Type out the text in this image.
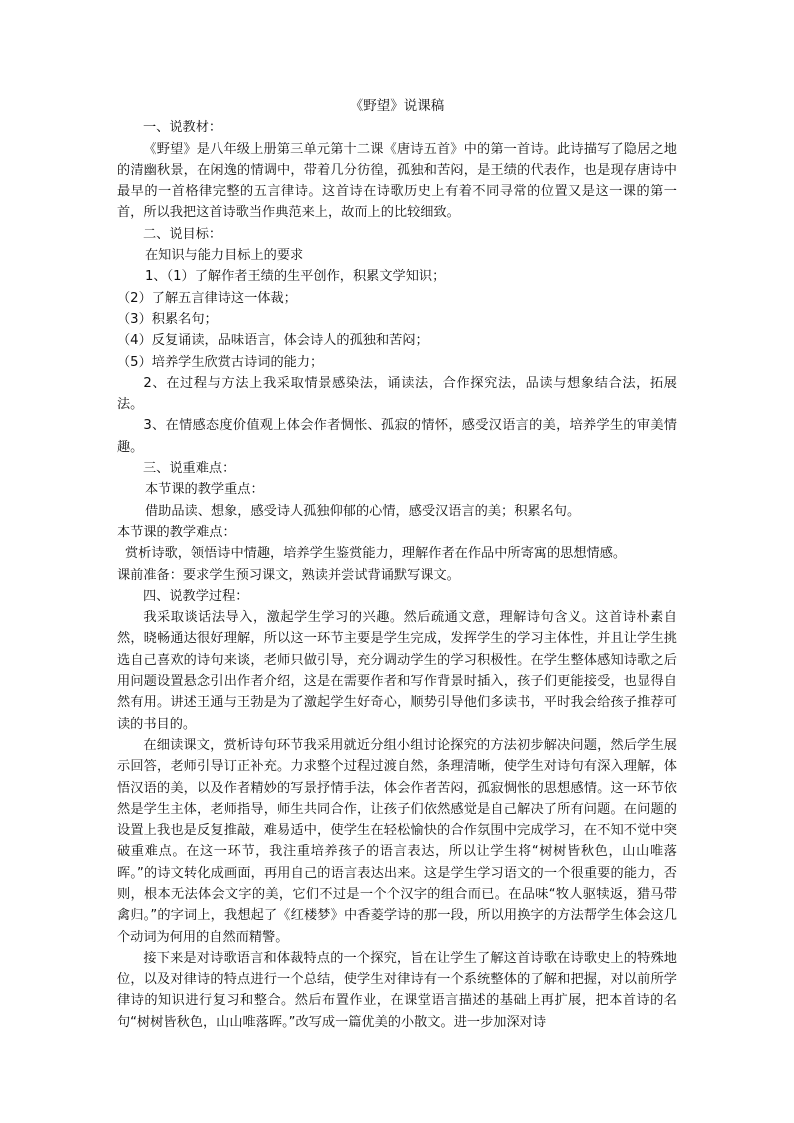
《野望》说课稿

一、说教材：

《野望》是八年级上册第三单元第十二课《唐诗五首》中的第一首诗。此诗描写了隐居之地的清幽秋景，在闲逸的情调中，带着几分彷徨，孤独和苦闷，是王绩的代表作，也是现存唐诗中最早的一首格律完整的五言律诗。这首诗在诗歌历史上有着不同寻常的位置又是这一课的第一首，所以我把这首诗歌当作典范来上，故而上的比较细致。

二、说目标：

在知识与能力目标上的要求

1、（1）了解作者王绩的生平创作，积累文学知识；

（2）了解五言律诗这一体裁；

（3）积累名句；

（4）反复诵读，品味语言，体会诗人的孤独和苦闷；

（5）培养学生欣赏古诗词的能力；

2、在过程与方法上我采取情景感染法，诵读法，合作探究法，品读与想象结合法，拓展法。

3、在情感态度价值观上体会作者惆怅、孤寂的情怀，感受汉语言的美，培养学生的审美情趣。

三、说重难点：

本节课的教学重点：

借助品读、想象，感受诗人孤独仰郁的心情，感受汉语言的美；积累名句。

本节课的教学难点：

赏析诗歌，领悟诗中情趣，培养学生鉴赏能力，理解作者在作品中所寄寓的思想情感。

课前准备：要求学生预习课文，熟读并尝试背诵默写课文。

四、说教学过程：

我采取谈话法导入，激起学生学习的兴趣。然后疏通文意，理解诗句含义。这首诗朴素自然，晓畅通达很好理解，所以这一环节主要是学生完成，发挥学生的学习主体性，并且让学生挑选自己喜欢的诗句来谈，老师只做引导，充分调动学生的学习积极性。在学生整体感知诗歌之后用问题设置悬念引出作者介绍，这是在需要作者和写作背景时插入，孩子们更能接受，也显得自然有用。讲述王通与王勃是为了激起学生好奇心，顺势引导他们多读书，平时我会给孩子推荐可读的书目的。

在细读课文，赏析诗句环节我采用就近分组小组讨论探究的方法初步解决问题，然后学生展示回答，老师引导订正补充。力求整个过程过渡自然，条理清晰，使学生对诗句有深入理解，体悟汉语的美，以及作者精妙的写景抒情手法，体会作者苦闷，孤寂惆怅的思想感情。这一环节依然是学生主体，老师指导，师生共同合作，让孩子们依然感觉是自己解决了所有问题。在问题的设置上我也是反复推敲，难易适中，使学生在轻松愉快的合作氛围中完成学习，在不知不觉中突破重难点。在这一环节，我注重培养孩子的语言表达，所以让学生将“树树皆秋色，山山唯落晖。”的诗文转化成画面，再用自己的语言表达出来。这是学生学习语文的一个很重要的能力，否则，根本无法体会文字的美，它们不过是一个个汉字的组合而已。在品味“牧人驱犊返，猎马带禽归。”的字词上，我想起了《红楼梦》中香菱学诗的那一段，所以用换字的方法帮学生体会这几个动词为何用的自然而精警。

接下来是对诗歌语言和体裁特点的一个探究，旨在让学生了解这首诗歌在诗歌史上的特殊地位，以及对律诗的特点进行一个总结，使学生对律诗有一个系统整体的了解和把握，对以前所学律诗的知识进行复习和整合。然后布置作业，在课堂语言描述的基础上再扩展，把本首诗的名句“树树皆秋色，山山唯落晖。”改写成一篇优美的小散文。进一步加深对诗
